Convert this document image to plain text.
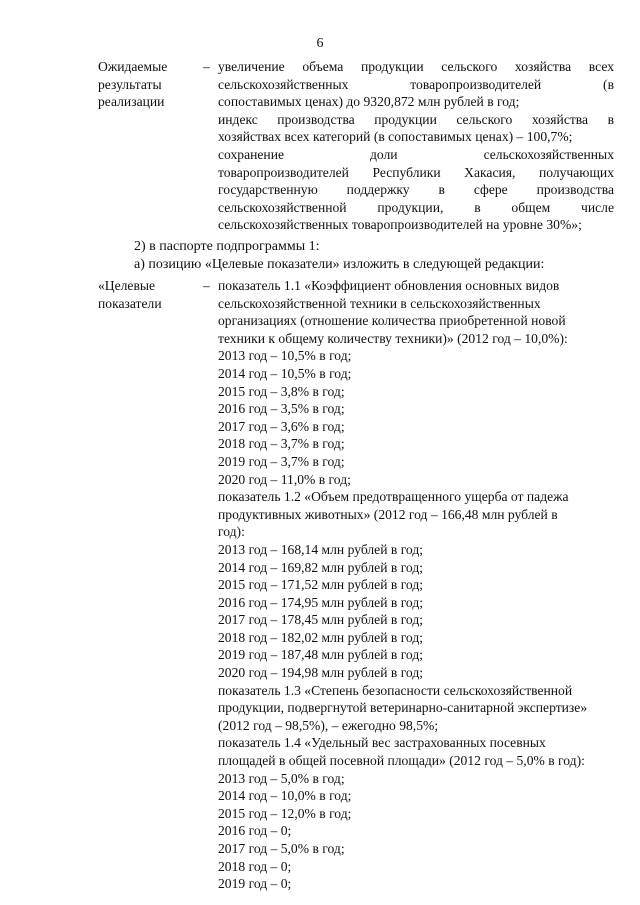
6
Ожидаемые
результаты
реализации
– увеличение объема продукции сельского хозяйства всех
сельскохозяйственных товаропроизводителей (в
сопоставимых ценах) до 9320,872 млн рублей в год;
индекс производства продукции сельского хозяйства в
хозяйствах всех категорий (в сопоставимых ценах) – 100,7%;
сохранение доли сельскохозяйственных
товаропроизводителей Республики Хакасия, получающих
государственную поддержку в сфере производства
сельскохозяйственной продукции, в общем числе
сельскохозяйственных товаропроизводителей на уровне 30%»;
2) в паспорте подпрограммы 1:
а) позицию «Целевые показатели» изложить в следующей редакции:
«Целевые
показатели
– показатель 1.1 «Коэффициент обновления основных видов
сельскохозяйственной техники в сельскохозяйственных
организациях (отношение количества приобретенной новой
техники к общему количеству техники)» (2012 год – 10,0%):
2013 год – 10,5% в год;
2014 год – 10,5% в год;
2015 год – 3,8% в год;
2016 год – 3,5% в год;
2017 год – 3,6% в год;
2018 год – 3,7% в год;
2019 год – 3,7% в год;
2020 год – 11,0% в год;
показатель 1.2 «Объем предотвращенного ущерба от падежа
продуктивных животных» (2012 год – 166,48 млн рублей в
год):
2013 год – 168,14 млн рублей в год;
2014 год – 169,82 млн рублей в год;
2015 год – 171,52 млн рублей в год;
2016 год – 174,95 млн рублей в год;
2017 год – 178,45 млн рублей в год;
2018 год – 182,02 млн рублей в год;
2019 год – 187,48 млн рублей в год;
2020 год – 194,98 млн рублей в год;
показатель 1.3 «Степень безопасности сельскохозяйственной
продукции, подвергнутой ветеринарно-санитарной экспертизе»
(2012 год – 98,5%), – ежегодно 98,5%;
показатель 1.4 «Удельный вес застрахованных посевных
площадей в общей посевной площади» (2012 год – 5,0% в год):
2013 год – 5,0% в год;
2014 год – 10,0% в год;
2015 год – 12,0% в год;
2016 год – 0;
2017 год – 5,0% в год;
2018 год – 0;
2019 год – 0;
